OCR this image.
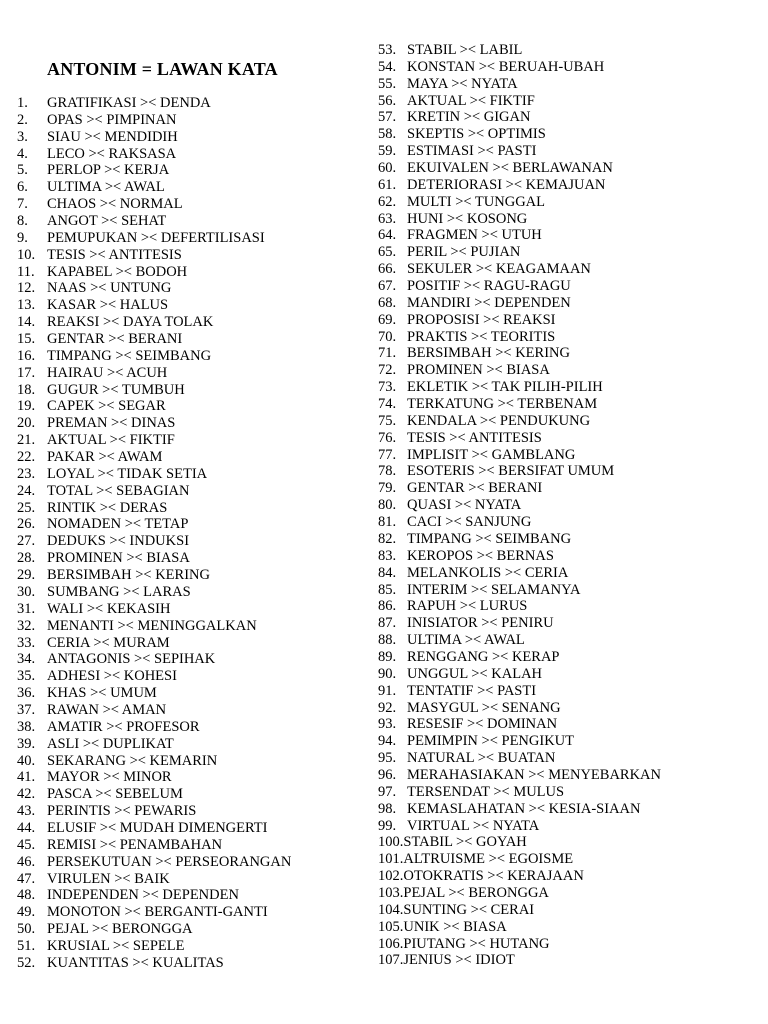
ANTONIM = LAWAN KATA
1. GRATIFIKASI >< DENDA
2. OPAS >< PIMPINAN
3. SIAU >< MENDIDIH
4. LECO >< RAKSASA
5. PERLOP >< KERJA
6. ULTIMA >< AWAL
7. CHAOS >< NORMAL
8. ANGOT >< SEHAT
9. PEMUPUKAN >< DEFERTILISASI
10. TESIS >< ANTITESIS
11. KAPABEL >< BODOH
12. NAAS >< UNTUNG
13. KASAR >< HALUS
14. REAKSI >< DAYA TOLAK
15. GENTAR >< BERANI
16. TIMPANG >< SEIMBANG
17. HAIRAU >< ACUH
18. GUGUR >< TUMBUH
19. CAPEK >< SEGAR
20. PREMAN >< DINAS
21. AKTUAL >< FIKTIF
22. PAKAR >< AWAM
23. LOYAL >< TIDAK SETIA
24. TOTAL >< SEBAGIAN
25. RINTIK >< DERAS
26. NOMADEN >< TETAP
27. DEDUKS >< INDUKSI
28. PROMINEN >< BIASA
29. BERSIMBAH >< KERING
30. SUMBANG >< LARAS
31. WALI >< KEKASIH
32. MENANTI >< MENINGGALKAN
33. CERIA >< MURAM
34. ANTAGONIS >< SEPIHAK
35. ADHESI >< KOHESI
36. KHAS >< UMUM
37. RAWAN >< AMAN
38. AMATIR >< PROFESOR
39. ASLI >< DUPLIKAT
40. SEKARANG >< KEMARIN
41. MAYOR >< MINOR
42. PASCA >< SEBELUM
43. PERINTIS >< PEWARIS
44. ELUSIF >< MUDAH DIMENGERTI
45. REMISI >< PENAMBAHAN
46. PERSEKUTUAN >< PERSEORANGAN
47. VIRULEN >< BAIK
48. INDEPENDEN >< DEPENDEN
49. MONOTON >< BERGANTI-GANTI
50. PEJAL >< BERONGGA
51. KRUSIAL >< SEPELE
52. KUANTITAS >< KUALITAS
53. STABIL >< LABIL
54. KONSTAN >< BERUAH-UBAH
55. MAYA >< NYATA
56. AKTUAL >< FIKTIF
57. KRETIN >< GIGAN
58. SKEPTIS >< OPTIMIS
59. ESTIMASI >< PASTI
60. EKUIVALEN >< BERLAWANAN
61. DETERIORASI >< KEMAJUAN
62. MULTI >< TUNGGAL
63. HUNI >< KOSONG
64. FRAGMEN >< UTUH
65. PERIL >< PUJIAN
66. SEKULER >< KEAGAMAAN
67. POSITIF >< RAGU-RAGU
68. MANDIRI >< DEPENDEN
69. PROPOSISI >< REAKSI
70. PRAKTIS >< TEORITIS
71. BERSIMBAH >< KERING
72. PROMINEN >< BIASA
73. EKLETIK >< TAK PILIH-PILIH
74. TERKATUNG >< TERBENAM
75. KENDALA >< PENDUKUNG
76. TESIS >< ANTITESIS
77. IMPLISIT >< GAMBLANG
78. ESOTERIS >< BERSIFAT UMUM
79. GENTAR >< BERANI
80. QUASI >< NYATA
81. CACI >< SANJUNG
82. TIMPANG >< SEIMBANG
83. KEROPOS >< BERNAS
84. MELANKOLIS >< CERIA
85. INTERIM >< SELAMANYA
86. RAPUH >< LURUS
87. INISIATOR >< PENIRU
88. ULTIMA >< AWAL
89. RENGGANG >< KERAP
90. UNGGUL >< KALAH
91. TENTATIF >< PASTI
92. MASYGUL >< SENANG
93. RESESIF >< DOMINAN
94. PEMIMPIN >< PENGIKUT
95. NATURAL >< BUATAN
96. MERAHASIAKAN >< MENYEBARKAN
97. TERSENDAT >< MULUS
98. KEMASLAHATAN >< KESIA-SIAAN
99. VIRTUAL >< NYATA
100.STABIL >< GOYAH
101.ALTRUISME >< EGOISME
102.OTOKRATIS >< KERAJAAN
103.PEJAL >< BERONGGA
104.SUNTING >< CERAI
105.UNIK >< BIASA
106.PIUTANG >< HUTANG
107.JENIUS >< IDIOT
